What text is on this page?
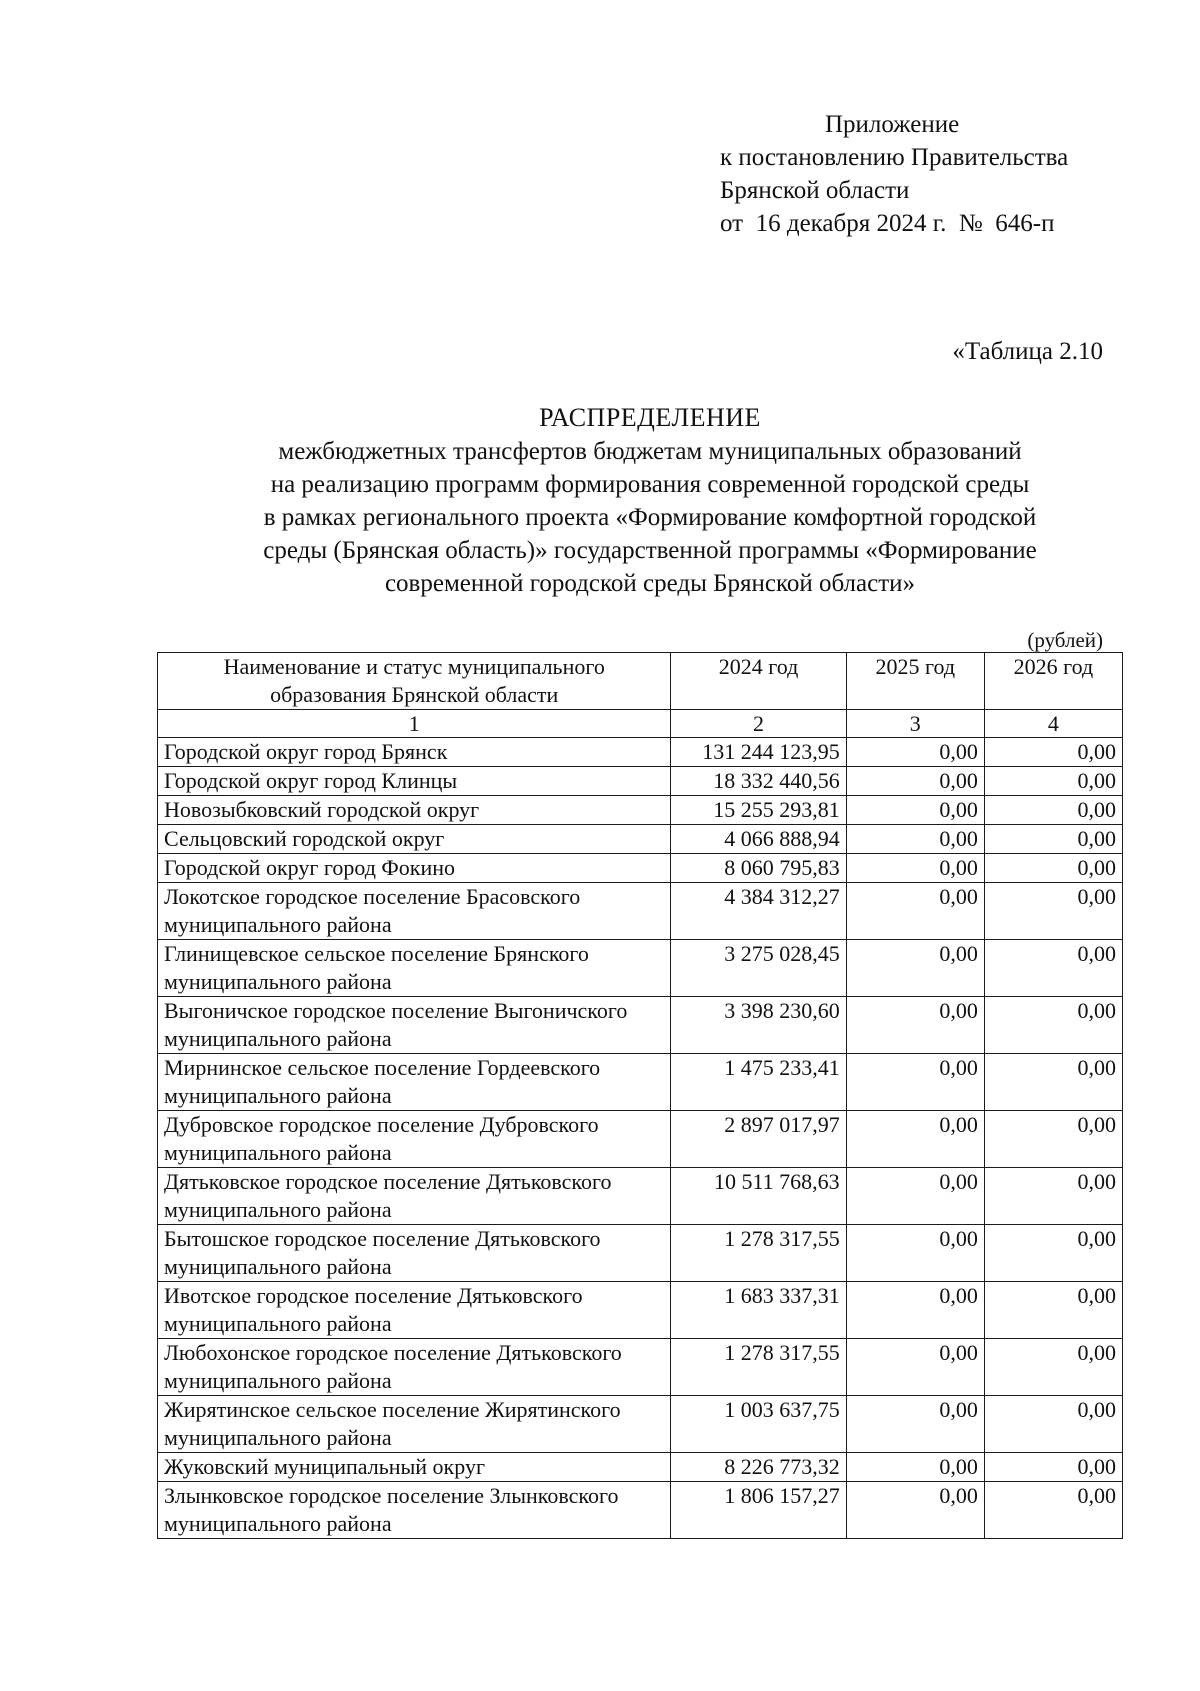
Приложение
к постановлению Правительства
Брянской области
от  16 декабря 2024 г.  №  646-п
«Таблица 2.10
РАСПРЕДЕЛЕНИЕ
межбюджетных трансфертов бюджетам муниципальных образований
на реализацию программ формирования современной городской среды
в рамках регионального проекта «Формирование комфортной городской
среды (Брянская область)» государственной программы «Формирование
современной городской среды Брянской области»
(рублей)
Наименование и статус муниципального образования Брянской области	2024 год	2025 год	2026 год
1	2	3	4
Городской округ город Брянск	131 244 123,95	0,00	0,00
Городской округ город Клинцы	18 332 440,56	0,00	0,00
Новозыбковский городской округ	15 255 293,81	0,00	0,00
Сельцовский городской округ	4 066 888,94	0,00	0,00
Городской округ город Фокино	8 060 795,83	0,00	0,00
Локотское городское поселение Брасовского муниципального района	4 384 312,27	0,00	0,00
Глинищевское сельское поселение Брянского муниципального района	3 275 028,45	0,00	0,00
Выгоничское городское поселение Выгоничского муниципального района	3 398 230,60	0,00	0,00
Мирнинское сельское поселение Гордеевского муниципального района	1 475 233,41	0,00	0,00
Дубровское городское поселение Дубровского муниципального района	2 897 017,97	0,00	0,00
Дятьковское городское поселение Дятьковского муниципального района	10 511 768,63	0,00	0,00
Бытошское городское поселение Дятьковского муниципального района	1 278 317,55	0,00	0,00
Ивотское городское поселение Дятьковского муниципального района	1 683 337,31	0,00	0,00
Любохонское городское поселение Дятьковского муниципального района	1 278 317,55	0,00	0,00
Жирятинское сельское поселение Жирятинского муниципального района	1 003 637,75	0,00	0,00
Жуковский муниципальный округ	8 226 773,32	0,00	0,00
Злынковское городское поселение Злынковского муниципального района	1 806 157,27	0,00	0,00
